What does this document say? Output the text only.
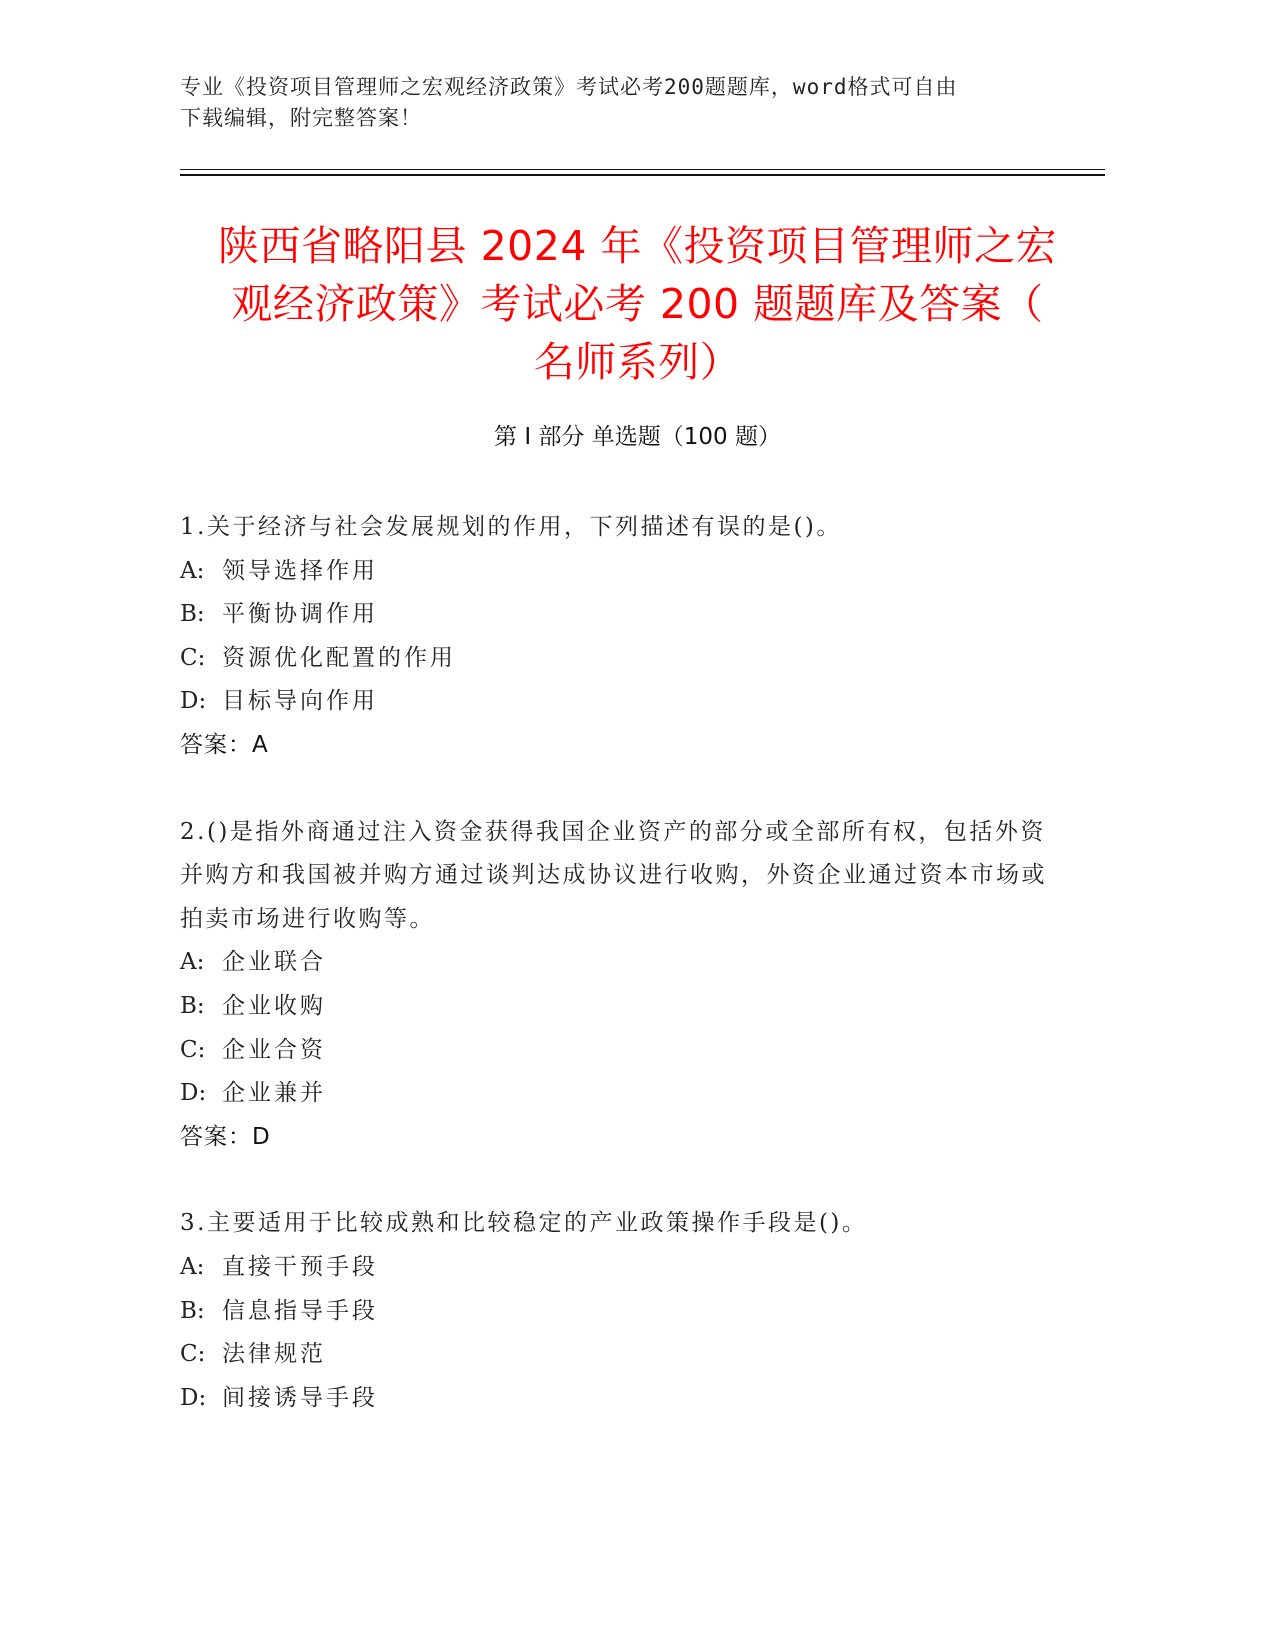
专业《投资项目管理师之宏观经济政策》考试必考200题题库，word格式可自由
下载编辑，附完整答案！
陕西省略阳县 2024 年《投资项目管理师之宏
观经济政策》考试必考 200 题题库及答案（
名师系列）
第 I 部分 单选题（100 题）

1.关于经济与社会发展规划的作用，下列描述有误的是()。

A: 领导选择作用

B: 平衡协调作用

C: 资源优化配置的作用

D: 目标导向作用

答案：A

2.()是指外商通过注入资金获得我国企业资产的部分或全部所有权，包括外资并购方和我国被并购方通过谈判达成协议进行收购，外资企业通过资本市场或拍卖市场进行收购等。

A: 企业联合

B: 企业收购

C: 企业合资

D: 企业兼并

答案：D

3.主要适用于比较成熟和比较稳定的产业政策操作手段是()。

A: 直接干预手段

B: 信息指导手段

C: 法律规范

D: 间接诱导手段
